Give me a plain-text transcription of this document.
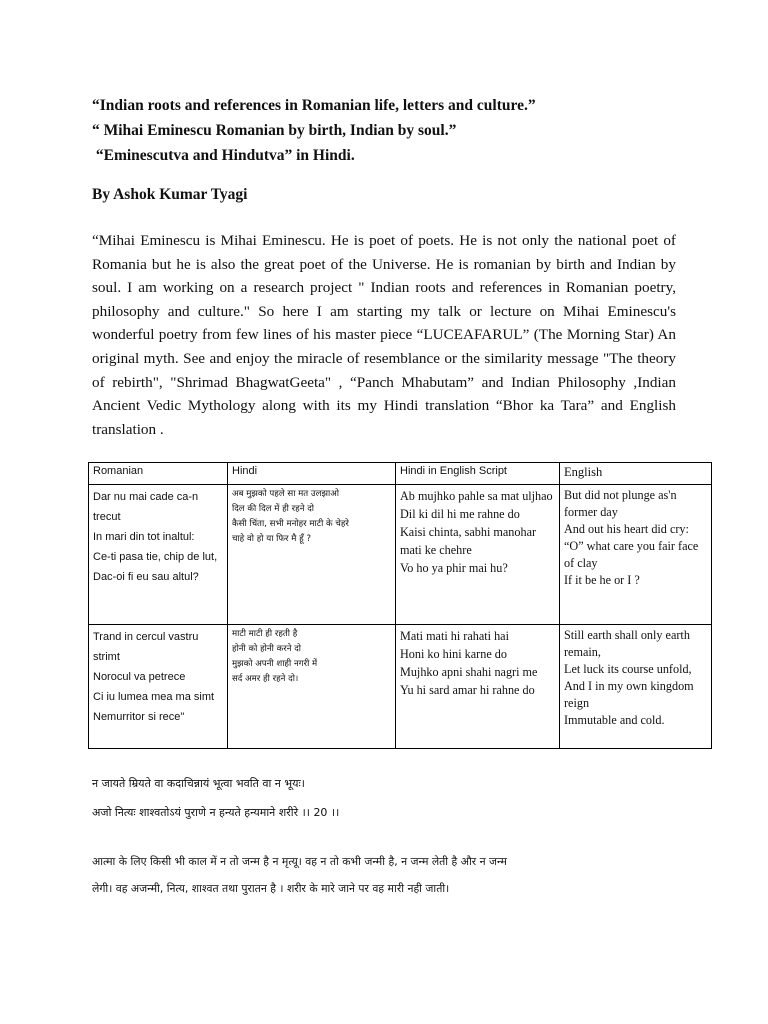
“Indian roots and references in Romanian life, letters and culture.”
“ Mihai Eminescu Romanian by birth, Indian by soul.”
“Eminescutva and Hindutva” in Hindi.
By Ashok Kumar Tyagi
“Mihai Eminescu is Mihai Eminescu. He is poet of poets. He is not only the national poet of Romania but he is also the great poet of the Universe. He is romanian by birth and Indian by soul. I am working on a research project " Indian roots and references in Romanian poetry, philosophy and culture." So here I am starting my talk or lecture on Mihai Eminescu's wonderful poetry from few lines of his master piece “LUCEAFARUL” (The Morning Star) An original myth. See and enjoy the miracle of resemblance or the similarity message "The theory of rebirth", "Shrimad BhagwatGeeta" , “Panch Mhabutam” and Indian Philosophy ,Indian Ancient Vedic Mythology along with its my Hindi translation “Bhor ka Tara” and English translation .
Romanian	Hindi	Hindi in English Script	English

Dar nu mai cade ca-n trecut
In mari din tot inaltul:
Ce-ti pasa tie, chip de lut,
Dac-oi fi eu sau altul?	अब मुझको पहले सा मत उलझाओ
दिल की दिल में ही रहने दो
कैसी चिंता, सभी मनोहर माटी के चेहरे
चाहे वो हो या फिर मै हूँ ?	Ab mujhko pahle sa mat uljhao
Dil ki dil hi me rahne do
Kaisi chinta, sabhi manohar mati ke chehre
Vo ho ya phir mai hu?	But did not plunge as'n former day
And out his heart did cry:
“O” what care you fair face of clay
If it be he or I ?

Trand in cercul vastru strimt
Norocul va petrece
Ci iu lumea mea ma simt
Nemurritor si rece"	माटी माटी ही रहती है
होनी को होनी करने दो
मुझको अपनी शाही नगरी में
सर्द अमर ही रहने दो।	Mati mati hi rahati hai
Honi ko hini karne do
Mujhko apni shahi nagri me
Yu hi sard amar hi rahne do	Still earth shall only earth remain,
Let luck its course unfold,
And I in my own kingdom reign
Immutable and cold.
न जायते म्रियते वा कदाचिन्नायं भूत्वा भवति वा न भूयः।
अजो नित्यः शाश्वतोऽयं पुराणे न हन्यते हन्यमाने शरीरे ।। 20 ।।
आत्मा के लिए किसी भी काल में न तो जन्म है न मृत्यू। वह न तो कभी जन्मी है, न जन्म लेती है और न जन्म लेगी। वह अजन्मी, नित्य, शाश्वत तथा पुरातन है । शरीर के मारे जाने पर वह मारी नही जाती।
